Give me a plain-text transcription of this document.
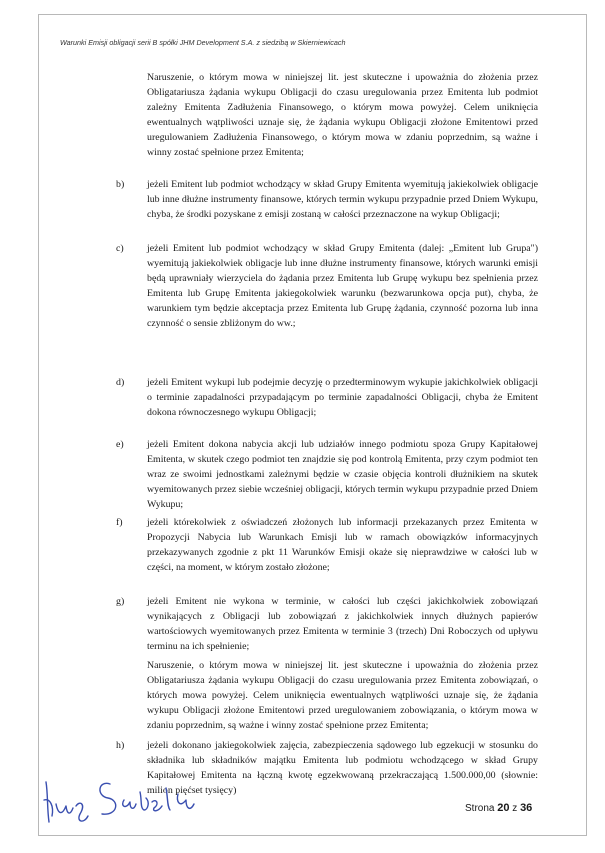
Warunki Emisji obligacji serii B spółki JHM Development S.A. z siedzibą w Skierniewicach

Naruszenie, o którym mowa w niniejszej lit. jest skuteczne i upoważnia do złożenia przez Obligatariusza żądania wykupu Obligacji do czasu uregulowania przez Emitenta lub podmiot zależny Emitenta Zadłużenia Finansowego, o którym mowa powyżej. Celem uniknięcia ewentualnych wątpliwości uznaje się, że żądania wykupu Obligacji złożone Emitentowi przed uregulowaniem Zadłużenia Finansowego, o którym mowa w zdaniu poprzednim, są ważne i winny zostać spełnione przez Emitenta;

b)	jeżeli Emitent lub podmiot wchodzący w skład Grupy Emitenta wyemitują jakiekolwiek obligacje lub inne dłużne instrumenty finansowe, których termin wykupu przypadnie przed Dniem Wykupu, chyba, że środki pozyskane z emisji zostaną w całości przeznaczone na wykup Obligacji;

c)	jeżeli Emitent lub podmiot wchodzący w skład Grupy Emitenta (dalej: „Emitent lub Grupa") wyemitują jakiekolwiek obligacje lub inne dłużne instrumenty finansowe, których warunki emisji będą uprawniały wierzyciela do żądania przez Emitenta lub Grupę wykupu bez spełnienia przez Emitenta lub Grupę Emitenta jakiegokolwiek warunku (bezwarunkowa opcja put), chyba, że warunkiem tym będzie akceptacja przez Emitenta lub Grupę żądania, czynność pozorna lub inna czynność o sensie zbliżonym do ww.;

d)	jeżeli Emitent wykupi lub podejmie decyzję o przedterminowym wykupie jakichkolwiek obligacji o terminie zapadalności przypadającym po terminie zapadalności Obligacji, chyba że Emitent dokona równoczesnego wykupu Obligacji;

e)	jeżeli Emitent dokona nabycia akcji lub udziałów innego podmiotu spoza Grupy Kapitałowej Emitenta, w skutek czego podmiot ten znajdzie się pod kontrolą Emitenta, przy czym podmiot ten wraz ze swoimi jednostkami zależnymi będzie w czasie objęcia kontroli dłużnikiem na skutek wyemitowanych przez siebie wcześniej obligacji, których termin wykupu przypadnie przed Dniem Wykupu;

f)	jeżeli którekolwiek z oświadczeń złożonych lub informacji przekazanych przez Emitenta w Propozycji Nabycia lub Warunkach Emisji lub w ramach obowiązków informacyjnych przekazywanych zgodnie z pkt 11 Warunków Emisji okaże się nieprawdziwe w całości lub w części, na moment, w którym zostało złożone;

g)	jeżeli Emitent nie wykona w terminie, w całości lub części jakichkolwiek zobowiązań wynikających z Obligacji lub zobowiązań z jakichkolwiek innych dłużnych papierów wartościowych wyemitowanych przez Emitenta w terminie 3 (trzech) Dni Roboczych od upływu terminu na ich spełnienie;

Naruszenie, o którym mowa w niniejszej lit. jest skuteczne i upoważnia do złożenia przez Obligatariusza żądania wykupu Obligacji do czasu uregulowania przez Emitenta zobowiązań, o których mowa powyżej. Celem uniknięcia ewentualnych wątpliwości uznaje się, że żądania wykupu Obligacji złożone Emitentowi przed uregulowaniem zobowiązania, o którym mowa w zdaniu poprzednim, są ważne i winny zostać spełnione przez Emitenta;

h)	jeżeli dokonano jakiegokolwiek zajęcia, zabezpieczenia sądowego lub egzekucji w stosunku do składnika lub składników majątku Emitenta lub podmiotu wchodzącego w skład Grupy Kapitałowej Emitenta na łączną kwotę egzekwowaną przekraczającą 1.500.000,00 (słownie: milion pięćset tysięcy)

Strona 20 z 36
